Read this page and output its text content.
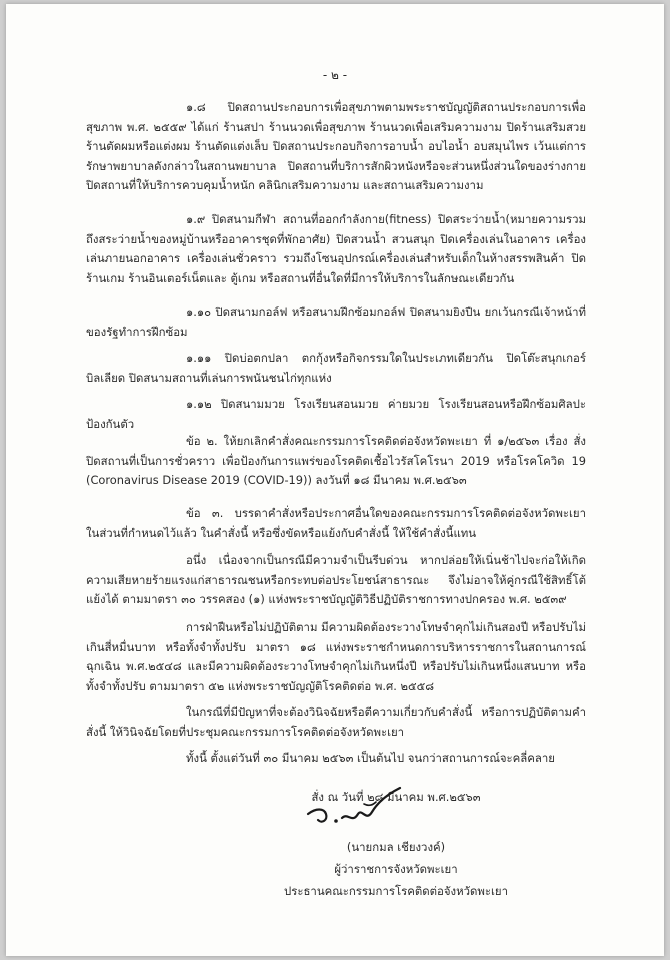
- ๒ -

๑.๘ ปิดสถานประกอบการเพื่อสุขภาพตามพระราชบัญญัติสถานประกอบการเพื่อสุขภาพ พ.ศ. ๒๕๕๙ ได้แก่ ร้านสปา ร้านนวดเพื่อสุขภาพ ร้านนวดเพื่อเสริมความงาม ปิดร้านเสริมสวย ร้านตัดผมหรือแต่งผม ร้านตัดแต่งเล็บ ปิดสถานประกอบกิจการอาบน้ำ อบไอน้ำ อบสมุนไพร เว้นแต่การรักษาพยาบาลดังกล่าวในสถานพยาบาล ปิดสถานที่บริการสักผิวหนังหรือจะส่วนหนึ่งส่วนใดของร่างกาย ปิดสถานที่ให้บริการควบคุมน้ำหนัก คลินิกเสริมความงาม และสถานเสริมความงาม

๑.๙ ปิดสนามกีฬา สถานที่ออกกำลังกาย(fitness) ปิดสระว่ายน้ำ(หมายความรวมถึงสระว่ายน้ำของหมู่บ้านหรืออาคารชุดที่พักอาศัย) ปิดสวนน้ำ สวนสนุก ปิดเครื่องเล่นในอาคาร เครื่องเล่นภายนอกอาคาร เครื่องเล่นชั่วคราว รวมถึงโซนอุปกรณ์เครื่องเล่นสำหรับเด็กในห้างสรรพสินค้า ปิดร้านเกม ร้านอินเตอร์เน็ตและ ตู้เกม หรือสถานที่อื่นใดที่มีการให้บริการในลักษณะเดียวกัน

๑.๑๐ ปิดสนามกอล์ฟ หรือสนามฝึกซ้อมกอล์ฟ ปิดสนามยิงปืน ยกเว้นกรณีเจ้าหน้าที่ของรัฐทำการฝึกซ้อม

๑.๑๑ ปิดบ่อตกปลา ตกกุ้งหรือกิจกรรมใดในประเภทเดียวกัน ปิดโต๊ะสนุกเกอร์ บิลเลียด ปิดสนามสถานที่เล่นการพนันชนไก่ทุกแห่ง

๑.๑๒ ปิดสนามมวย โรงเรียนสอนมวย ค่ายมวย โรงเรียนสอนหรือฝึกซ้อมศิลปะป้องกันตัว

ข้อ ๒. ให้ยกเลิกคำสั่งคณะกรรมการโรคติดต่อจังหวัดพะเยา ที่ ๑/๒๕๖๓ เรื่อง สั่งปิดสถานที่เป็นการชั่วคราว เพื่อป้องกันการแพร่ของโรคติดเชื้อไวรัสโคโรนา 2019 หรือโรคโควิด 19 (Coronavirus Disease 2019 (COVID-19)) ลงวันที่ ๑๘ มีนาคม พ.ศ.๒๕๖๓

ข้อ ๓. บรรดาคำสั่งหรือประกาศอื่นใดของคณะกรรมการโรคติดต่อจังหวัดพะเยา ในส่วนที่กำหนดไว้แล้ว ในคำสั่งนี้ หรือซึ่งขัดหรือแย้งกับคำสั่งนี้ ให้ใช้คำสั่งนี้แทน

อนึ่ง เนื่องจากเป็นกรณีมีความจำเป็นรีบด่วน หากปล่อยให้เนิ่นช้าไปจะก่อให้เกิดความเสียหายร้ายแรงแก่สาธารณชนหรือกระทบต่อประโยชน์สาธารณะ จึงไม่อาจให้คู่กรณีใช้สิทธิ์โต้แย้งได้ ตามมาตรา ๓๐ วรรคสอง (๑) แห่งพระราชบัญญัติวิธีปฏิบัติราชการทางปกครอง พ.ศ. ๒๕๓๙

การฝ่าฝืนหรือไม่ปฏิบัติตาม มีความผิดต้องระวางโทษจำคุกไม่เกินสองปี หรือปรับไม่เกินสี่หมื่นบาท หรือทั้งจำทั้งปรับ มาตรา ๑๘ แห่งพระราชกำหนดการบริหารราชการในสถานการณ์ฉุกเฉิน พ.ศ.๒๕๔๘ และมีความผิดต้องระวางโทษจำคุกไม่เกินหนึ่งปี หรือปรับไม่เกินหนึ่งแสนบาท หรือทั้งจำทั้งปรับ ตามมาตรา ๕๒ แห่งพระราชบัญญัติโรคติดต่อ พ.ศ. ๒๕๕๘

ในกรณีที่มีปัญหาที่จะต้องวินิจฉัยหรือตีความเกี่ยวกับคำสั่งนี้ หรือการปฏิบัติตามคำสั่งนี้ ให้วินิจฉัยโดยที่ประชุมคณะกรรมการโรคติดต่อจังหวัดพะเยา

ทั้งนี้ ตั้งแต่วันที่ ๓๐ มีนาคม ๒๕๖๓ เป็นต้นไป จนกว่าสถานการณ์จะคลี่คลาย

สั่ง ณ วันที่ ๒๘ มีนาคม พ.ศ.๒๕๖๓
(นายกมล เชียงวงค์)
ผู้ว่าราชการจังหวัดพะเยา
ประธานคณะกรรมการโรคติดต่อจังหวัดพะเยา
